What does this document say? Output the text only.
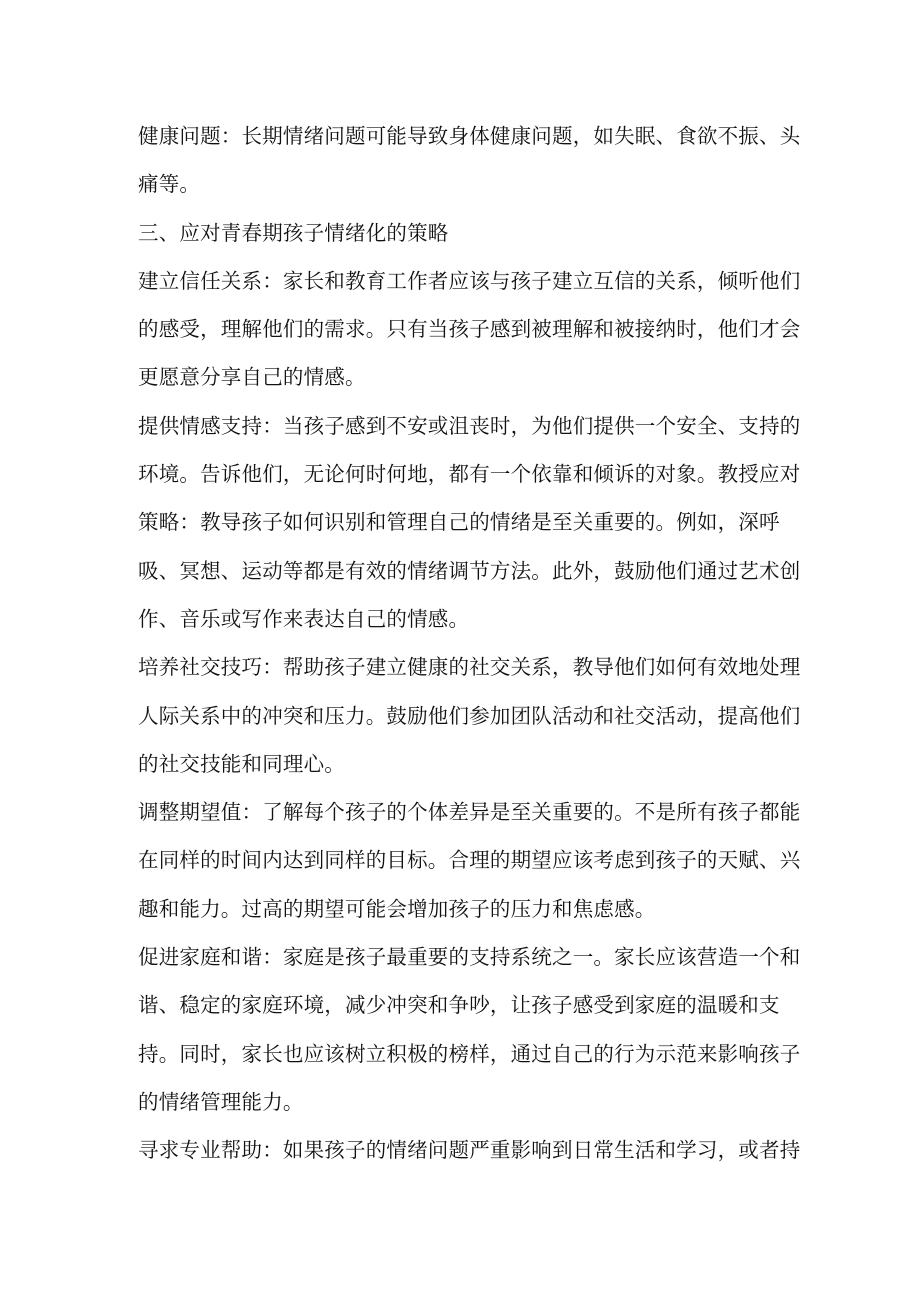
健康问题：长期情绪问题可能导致身体健康问题，如失眠、食欲不振、头
痛等。
三、应对青春期孩子情绪化的策略
建立信任关系：家长和教育工作者应该与孩子建立互信的关系，倾听他们
的感受，理解他们的需求。只有当孩子感到被理解和被接纳时，他们才会
更愿意分享自己的情感。
提供情感支持：当孩子感到不安或沮丧时，为他们提供一个安全、支持的
环境。告诉他们，无论何时何地，都有一个依靠和倾诉的对象。教授应对
策略：教导孩子如何识别和管理自己的情绪是至关重要的。例如，深呼
吸、冥想、运动等都是有效的情绪调节方法。此外，鼓励他们通过艺术创
作、音乐或写作来表达自己的情感。
培养社交技巧：帮助孩子建立健康的社交关系，教导他们如何有效地处理
人际关系中的冲突和压力。鼓励他们参加团队活动和社交活动，提高他们
的社交技能和同理心。
调整期望值：了解每个孩子的个体差异是至关重要的。不是所有孩子都能
在同样的时间内达到同样的目标。合理的期望应该考虑到孩子的天赋、兴
趣和能力。过高的期望可能会增加孩子的压力和焦虑感。
促进家庭和谐：家庭是孩子最重要的支持系统之一。家长应该营造一个和
谐、稳定的家庭环境，减少冲突和争吵，让孩子感受到家庭的温暖和支
持。同时，家长也应该树立积极的榜样，通过自己的行为示范来影响孩子
的情绪管理能力。
寻求专业帮助：如果孩子的情绪问题严重影响到日常生活和学习，或者持
